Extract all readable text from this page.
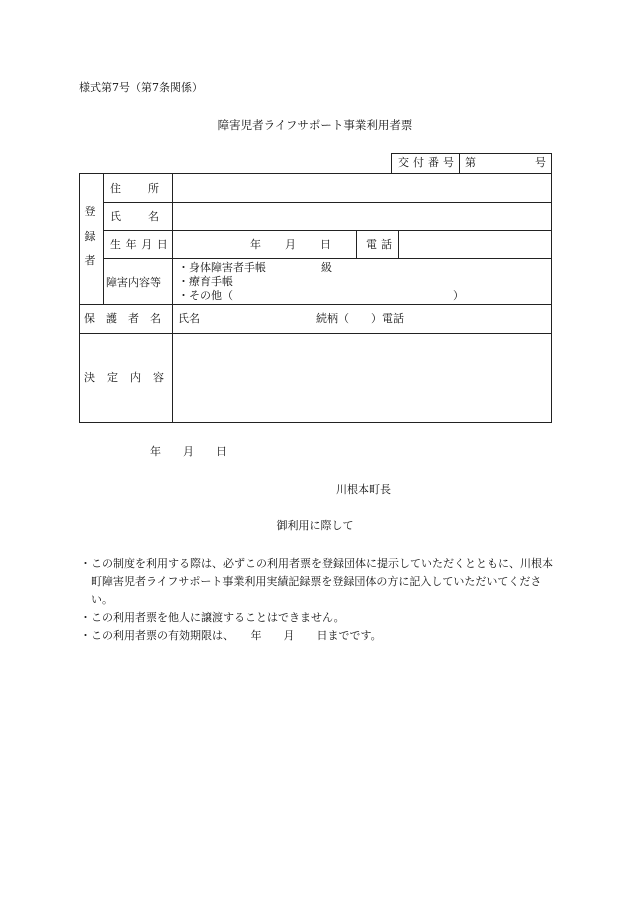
様式第7号（第7条関係）
障害児者ライフサポート事業利用者票
交付番号 第	号
登録者
住所
氏名
生年月日	年 月 日	電話
障害内容等
・身体障害者手帳　　　　　級
・療育手帳
・その他（　　　　　　　　　　　　　　　　　　　　）
保護者名 氏名	続柄（　　）電話
決定内容
年　　月　　日
川根本町長
御利用に際して
・ この制度を利用する際は、必ずこの利用者票を登録団体に提示していただくとともに、川根本町障害児者ライフサポート事業利用実績記録票を登録団体の方に記入していただいてください。
・ この利用者票を他人に譲渡することはできません。
・ この利用者票の有効期限は、　　年　　月　　日までです。
